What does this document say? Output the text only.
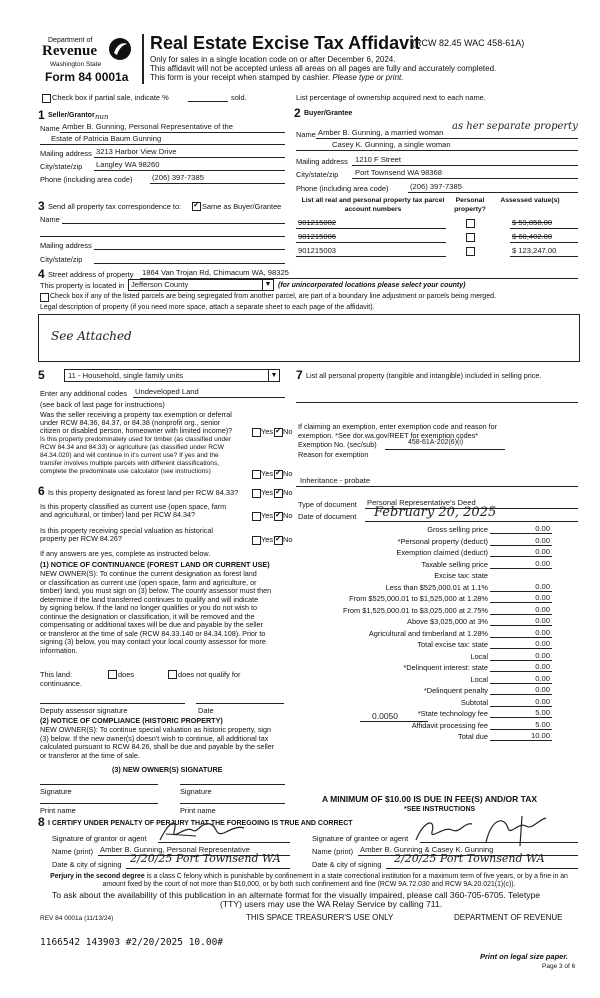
Department of
Revenue
Washington State
Form 84 0001a
Real Estate Excise Tax Affidavit
(RCW 82.45 WAC 458-61A)
Only for sales in a single location code on or after December 6, 2024.
This affidavit will not be accepted unless all areas on all pages are fully and accurately completed.
This form is your receipt when stamped by cashier. Please type or print.
Check box if partial sale, indicate %	sold.	List percentage of ownership acquired next to each name.
1 Seller/Grantor
Name
nun
Amber B. Gunning, Personal Representative of the
Estate of Patricia Baum Gunning
Mailing address 3213 Harbor View Drive
City/state/zip Langley WA 98260
Phone (including area code)	(206) 397-7385
2 Buyer/Grantee
Name Amber B. Gunning, a married woman
as her separate property
Casey K. Gunning, a single woman
Mailing address 1210 F Street
City/state/zip Port Townsend WA 98368
Phone (including area code)	(206) 397-7385
3 Send all property tax correspondence to: ✓	Same as Buyer/Grantee
Name
Mailing address
City/state/zip
List all real and personal property tax parcel account numbers
Personal property?
Assessed value(s)
901215002	$ 59,858.00
901215006	$ 60,402.00
901215003	$ 123,247.00
4 Street address of property 1864 Van Trojan Rd, Chimacum WA, 98325
This property is located in Jefferson County	▼ (for unincorporated locations please select your county)
Check box if any of the listed parcels are being segregated from another parcel, are part of a boundary line adjustment or parcels being merged.
Legal description of property (if you need more space, attach a separate sheet to each page of the affidavit).
See Attached
5	11 - Household, single family units	▼
Enter any additional codes Undeveloped Land
(see back of last page for instructions)
Was the seller receiving a property tax exemption or deferral
under RCW 84.36, 84.37, or 84.38 (nonprofit org., senior
citizen or disabled person, homeowner with limited income)?	Yes ✓ No
Is this property predominately used for timber (as classified under
RCW 84.34 and 84.33) or agriculture (as classified under RCW
84.34.020) and will continue in it's current use? If yes and the
transfer involves multiple parcels with different classifications,
complete the predominate use calculator (see instructions)	Yes ✓ No
6 Is this property designated as forest land per RCW 84.33?	Yes ✓ No
Is this property classified as current use (open space, farm
and agricultural, or timber) land per RCW 84.34?	Yes ✓ No
Is this property receiving special valuation as historical
property per RCW 84.26?	Yes ✓ No
If any answers are yes, complete as instructed below.
(1) NOTICE OF CONTINUANCE (FOREST LAND OR CURRENT USE)
NEW OWNER(S): To continue the current designation as forest land
or classification as current use (open space, farm and agriculture, or
timber) land, you must sign on (3) below. The county assessor must then
determine if the land transferred continues to qualify and will indicate
by signing below. If the land no longer qualifies or you do not wish to
continue the designation or classification, it will be removed and the
compensating or additional taxes will be due and payable by the seller
or transferor at the time of sale (RCW 84.33.140 or 84.34.108). Prior to
signing (3) below, you may contact your local county assessor for more
information.
This land:	does	does not qualify for
continuance.
Deputy assessor signature	Date
(2) NOTICE OF COMPLIANCE (HISTORIC PROPERTY)
NEW OWNER(S): To continue special valuation as historic property, sign
(3) below. If the new owner(s) doesn't wish to continue, all additional tax
calculated pursuant to RCW 84.26, shall be due and payable by the seller
or transferor at the time of sale.
(3) NEW OWNER(S) SIGNATURE
Signature	Signature
Print name	Print name
7 List all personal property (tangible and intangible) included in selling price.
If claiming an exemption, enter exemption code and reason for
exemption. *See dor.wa.gov/REET for exemption codes*
Exemption No. (sec/sub)	458-61A-202(6)(i)
Reason for exemption
Inheritance - probate
Type of document Personal Representative's Deed
Date of document February 20, 2025
Gross selling price	0.00
*Personal property (deduct)	0.00
Exemption claimed (deduct)	0.00
Taxable selling price	0.00
Excise tax: state
Less than $525,000.01 at 1.1%	0.00
From $525,000.01 to $1,525,000 at 1.28%	0.00
From $1,525,000.01 to $3,025,000 at 2.75%	0.00
Above $3,025,000 at 3%	0.00
Agricultural and timberland at 1.28%	0.00
Total excise tax: state	0.00
Local	0.00
*Delinquent interest: state	0.00
Local	0.00
*Delinquent penalty	0.00
Subtotal	0.00
*State technology fee	5.00
Affidavit processing fee	5.00
Total due	10.00
0.0050
A MINIMUM OF $10.00 IS DUE IN FEE(S) AND/OR TAX
*SEE INSTRUCTIONS
8 I CERTIFY UNDER PENALTY OF PERJURY THAT THE FOREGOING IS TRUE AND CORRECT
Signature of grantor or agent
Name (print) Amber B. Gunning, Personal Representative
Date & city of signing 2/20/25 Port Townsend WA
Signature of grantee or agent
Name (print) Amber B. Gunning & Casey K. Gunning
Date & city of signing 2/20/25 Port Townsend WA
Perjury in the second degree is a class C felony which is punishable by confinement in a state correctional institution for a maximum term of five years, or by a fine in an amount fixed by the court of not more than $10,000, or by both such confinement and fine (RCW 9A.72.030 and RCW 9A.20.021(1)(c)).
To ask about the availability of this publication in an alternate format for the visually impaired, please call 360-705-6705. Teletype
(TTY) users may use the WA Relay Service by calling 711.
REV 84 0001a (11/13/24)	THIS SPACE TREASURER'S USE ONLY	DEPARTMENT OF REVENUE
1166542 143903 #2/20/2025 10.00#
Print on legal size paper.
Page 3 of 6
